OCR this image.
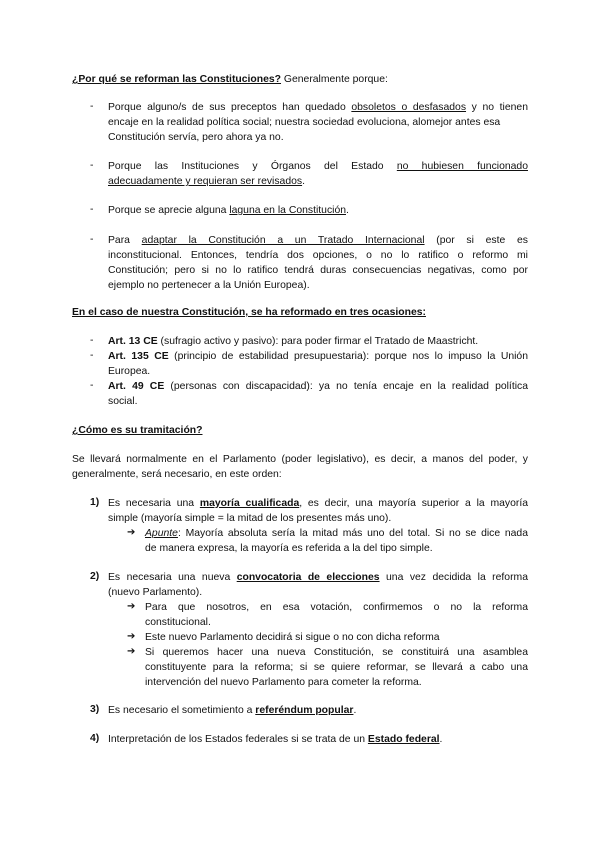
¿Por qué se reforman las Constituciones? Generalmente porque:
- Porque alguno/s de sus preceptos han quedado obsoletos o desfasados y no tienen
encaje en la realidad política social; nuestra sociedad evoluciona, alomejor antes esa
Constitución servía, pero ahora ya no.
- Porque las Instituciones y Órganos del Estado no hubiesen funcionado
adecuadamente y requieran ser revisados.
- Porque se aprecie alguna laguna en la Constitución.
- Para adaptar la Constitución a un Tratado Internacional (por si este es
inconstitucional. Entonces, tendría dos opciones, o no lo ratifico o reformo mi
Constitución; pero si no lo ratifico tendrá duras consecuencias negativas, como por
ejemplo no pertenecer a la Unión Europea).
En el caso de nuestra Constitución, se ha reformado en tres ocasiones:
- Art. 13 CE (sufragio activo y pasivo): para poder firmar el Tratado de Maastricht.
- Art. 135 CE (principio de estabilidad presupuestaria): porque nos lo impuso la Unión
Europea.
- Art. 49 CE (personas con discapacidad): ya no tenía encaje en la realidad política
social.
¿Cómo es su tramitación?
Se llevará normalmente en el Parlamento (poder legislativo), es decir, a manos del poder, y
generalmente, será necesario, en este orden:
1) Es necesaria una mayoría cualificada, es decir, una mayoría superior a la mayoría
simple (mayoría simple = la mitad de los presentes más uno).
➔ Apunte: Mayoría absoluta sería la mitad más uno del total. Si no se dice nada
de manera expresa, la mayoría es referida a la del tipo simple.
2) Es necesaria una nueva convocatoria de elecciones una vez decidida la reforma
(nuevo Parlamento).
➔ Para que nosotros, en esa votación, confirmemos o no la reforma
constitucional.
➔ Este nuevo Parlamento decidirá si sigue o no con dicha reforma
➔ Si queremos hacer una nueva Constitución, se constituirá una asamblea
constituyente para la reforma; si se quiere reformar, se llevará a cabo una
intervención del nuevo Parlamento para cometer la reforma.
3) Es necesario el sometimiento a referéndum popular.
4) Interpretación de los Estados federales si se trata de un Estado federal.
